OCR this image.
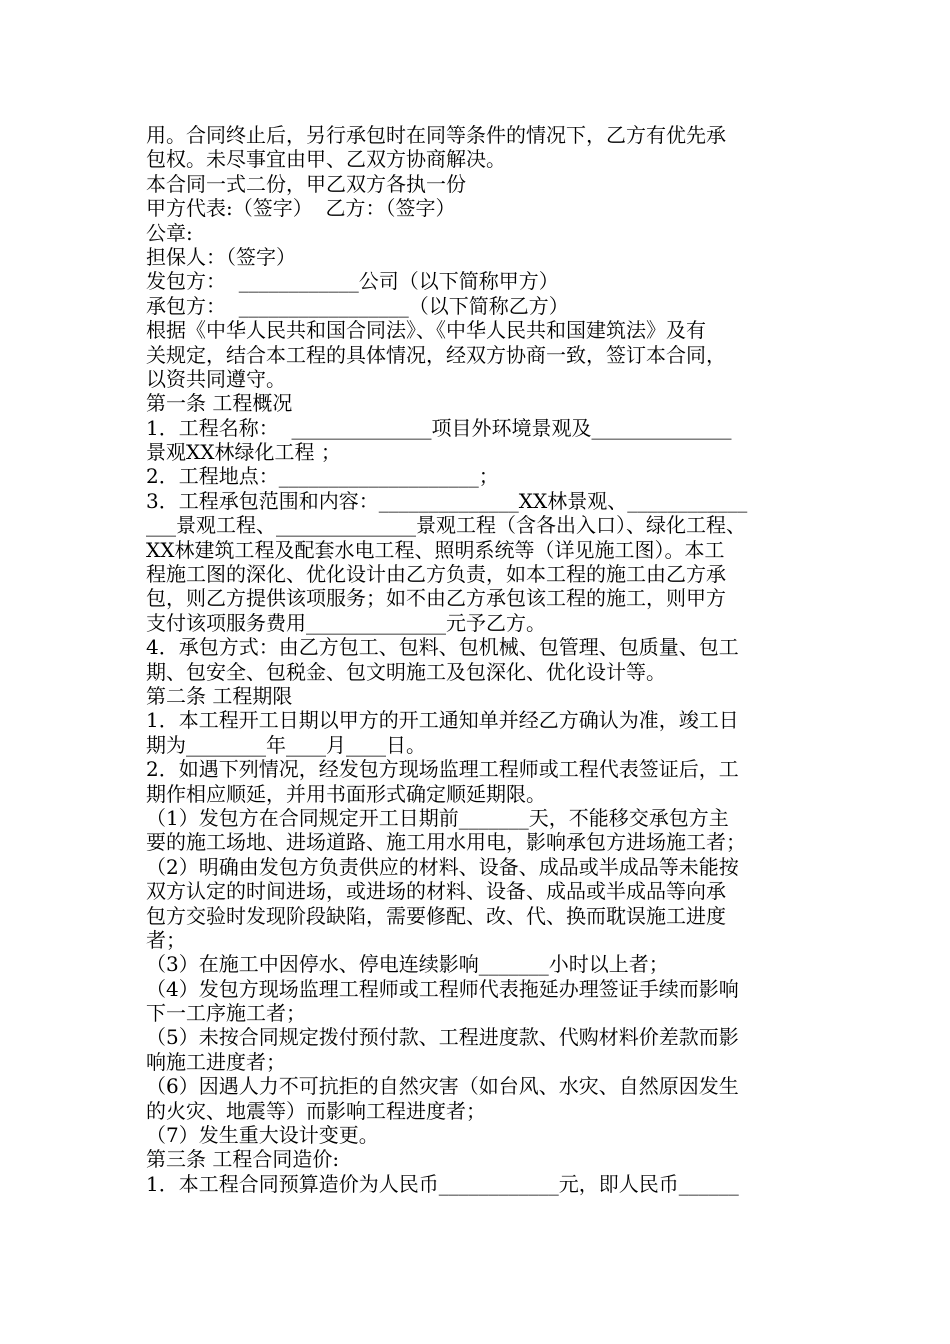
用。合同终止后，另行承包时在同等条件的情况下，乙方有优先承
包权。未尽事宜由甲、乙双方协商解决。
本合同一式二份，甲乙双方各执一份
甲方代表:（签字）  乙方：（签字）
公章:
担保人：（签字）
发包方：  ____________公司（以下简称甲方）
承包方：  _________________（以下简称乙方）
根据《中华人民共和国合同法》、《中华人民共和国建筑法》及有
关规定，结合本工程的具体情况，经双方协商一致，签订本合同，
以资共同遵守。
第一条 工程概况
1．工程名称：  ______________项目外环境景观及______________
景观XX林绿化工程 ；
2．工程地点：____________________；
3．工程承包范围和内容：______________XX林景观、____________
___景观工程、______________景观工程（含各出入口）、绿化工程、
XX林建筑工程及配套水电工程、照明系统等（详见施工图）。本工
程施工图的深化、优化设计由乙方负责，如本工程的施工由乙方承
包，则乙方提供该项服务；如不由乙方承包该工程的施工，则甲方
支付该项服务费用______________元予乙方。
4．承包方式：由乙方包工、包料、包机械、包管理、包质量、包工
期、包安全、包税金、包文明施工及包深化、优化设计等。
第二条 工程期限
1．本工程开工日期以甲方的开工通知单并经乙方确认为准，竣工日
期为________年____月____日。
2．如遇下列情况，经发包方现场监理工程师或工程代表签证后，工
期作相应顺延，并用书面形式确定顺延期限。
（1）发包方在合同规定开工日期前_______天，不能移交承包方主
要的施工场地、进场道路、施工用水用电，影响承包方进场施工者；
（2）明确由发包方负责供应的材料、设备、成品或半成品等未能按
双方认定的时间进场，或进场的材料、设备、成品或半成品等向承
包方交验时发现阶段缺陷，需要修配、改、代、换而耽误施工进度
者；
（3）在施工中因停水、停电连续影响_______小时以上者；
（4）发包方现场监理工程师或工程师代表拖延办理签证手续而影响
下一工序施工者；
（5）未按合同规定拨付预付款、工程进度款、代购材料价差款而影
响施工进度者；
（6）因遇人力不可抗拒的自然灾害（如台风、水灾、自然原因发生
的火灾、地震等）而影响工程进度者；
（7）发生重大设计变更。
第三条 工程合同造价:
1．本工程合同预算造价为人民币____________元，即人民币______
